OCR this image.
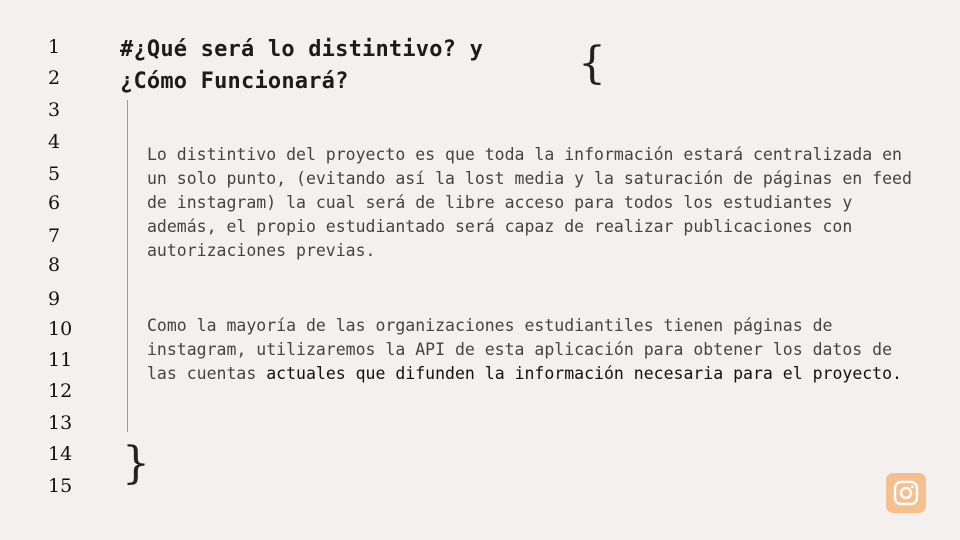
1
2
3
4
5
6
7
8
9
10
11
12
13
14
15
#¿Qué será lo distintivo? y
¿Cómo Funcionará?	{

Lo distintivo del proyecto es que toda la información estará centralizada en un solo punto, (evitando así la lost media y la saturación de páginas en feed de instagram) la cual será de libre acceso para todos los estudiantes y además, el propio estudiantado será capaz de realizar publicaciones con autorizaciones previas.

Como la mayoría de las organizaciones estudiantiles tienen páginas de instagram, utilizaremos la API de esta aplicación para obtener los datos de las cuentas actuales que difunden la información necesaria para el proyecto.

}
